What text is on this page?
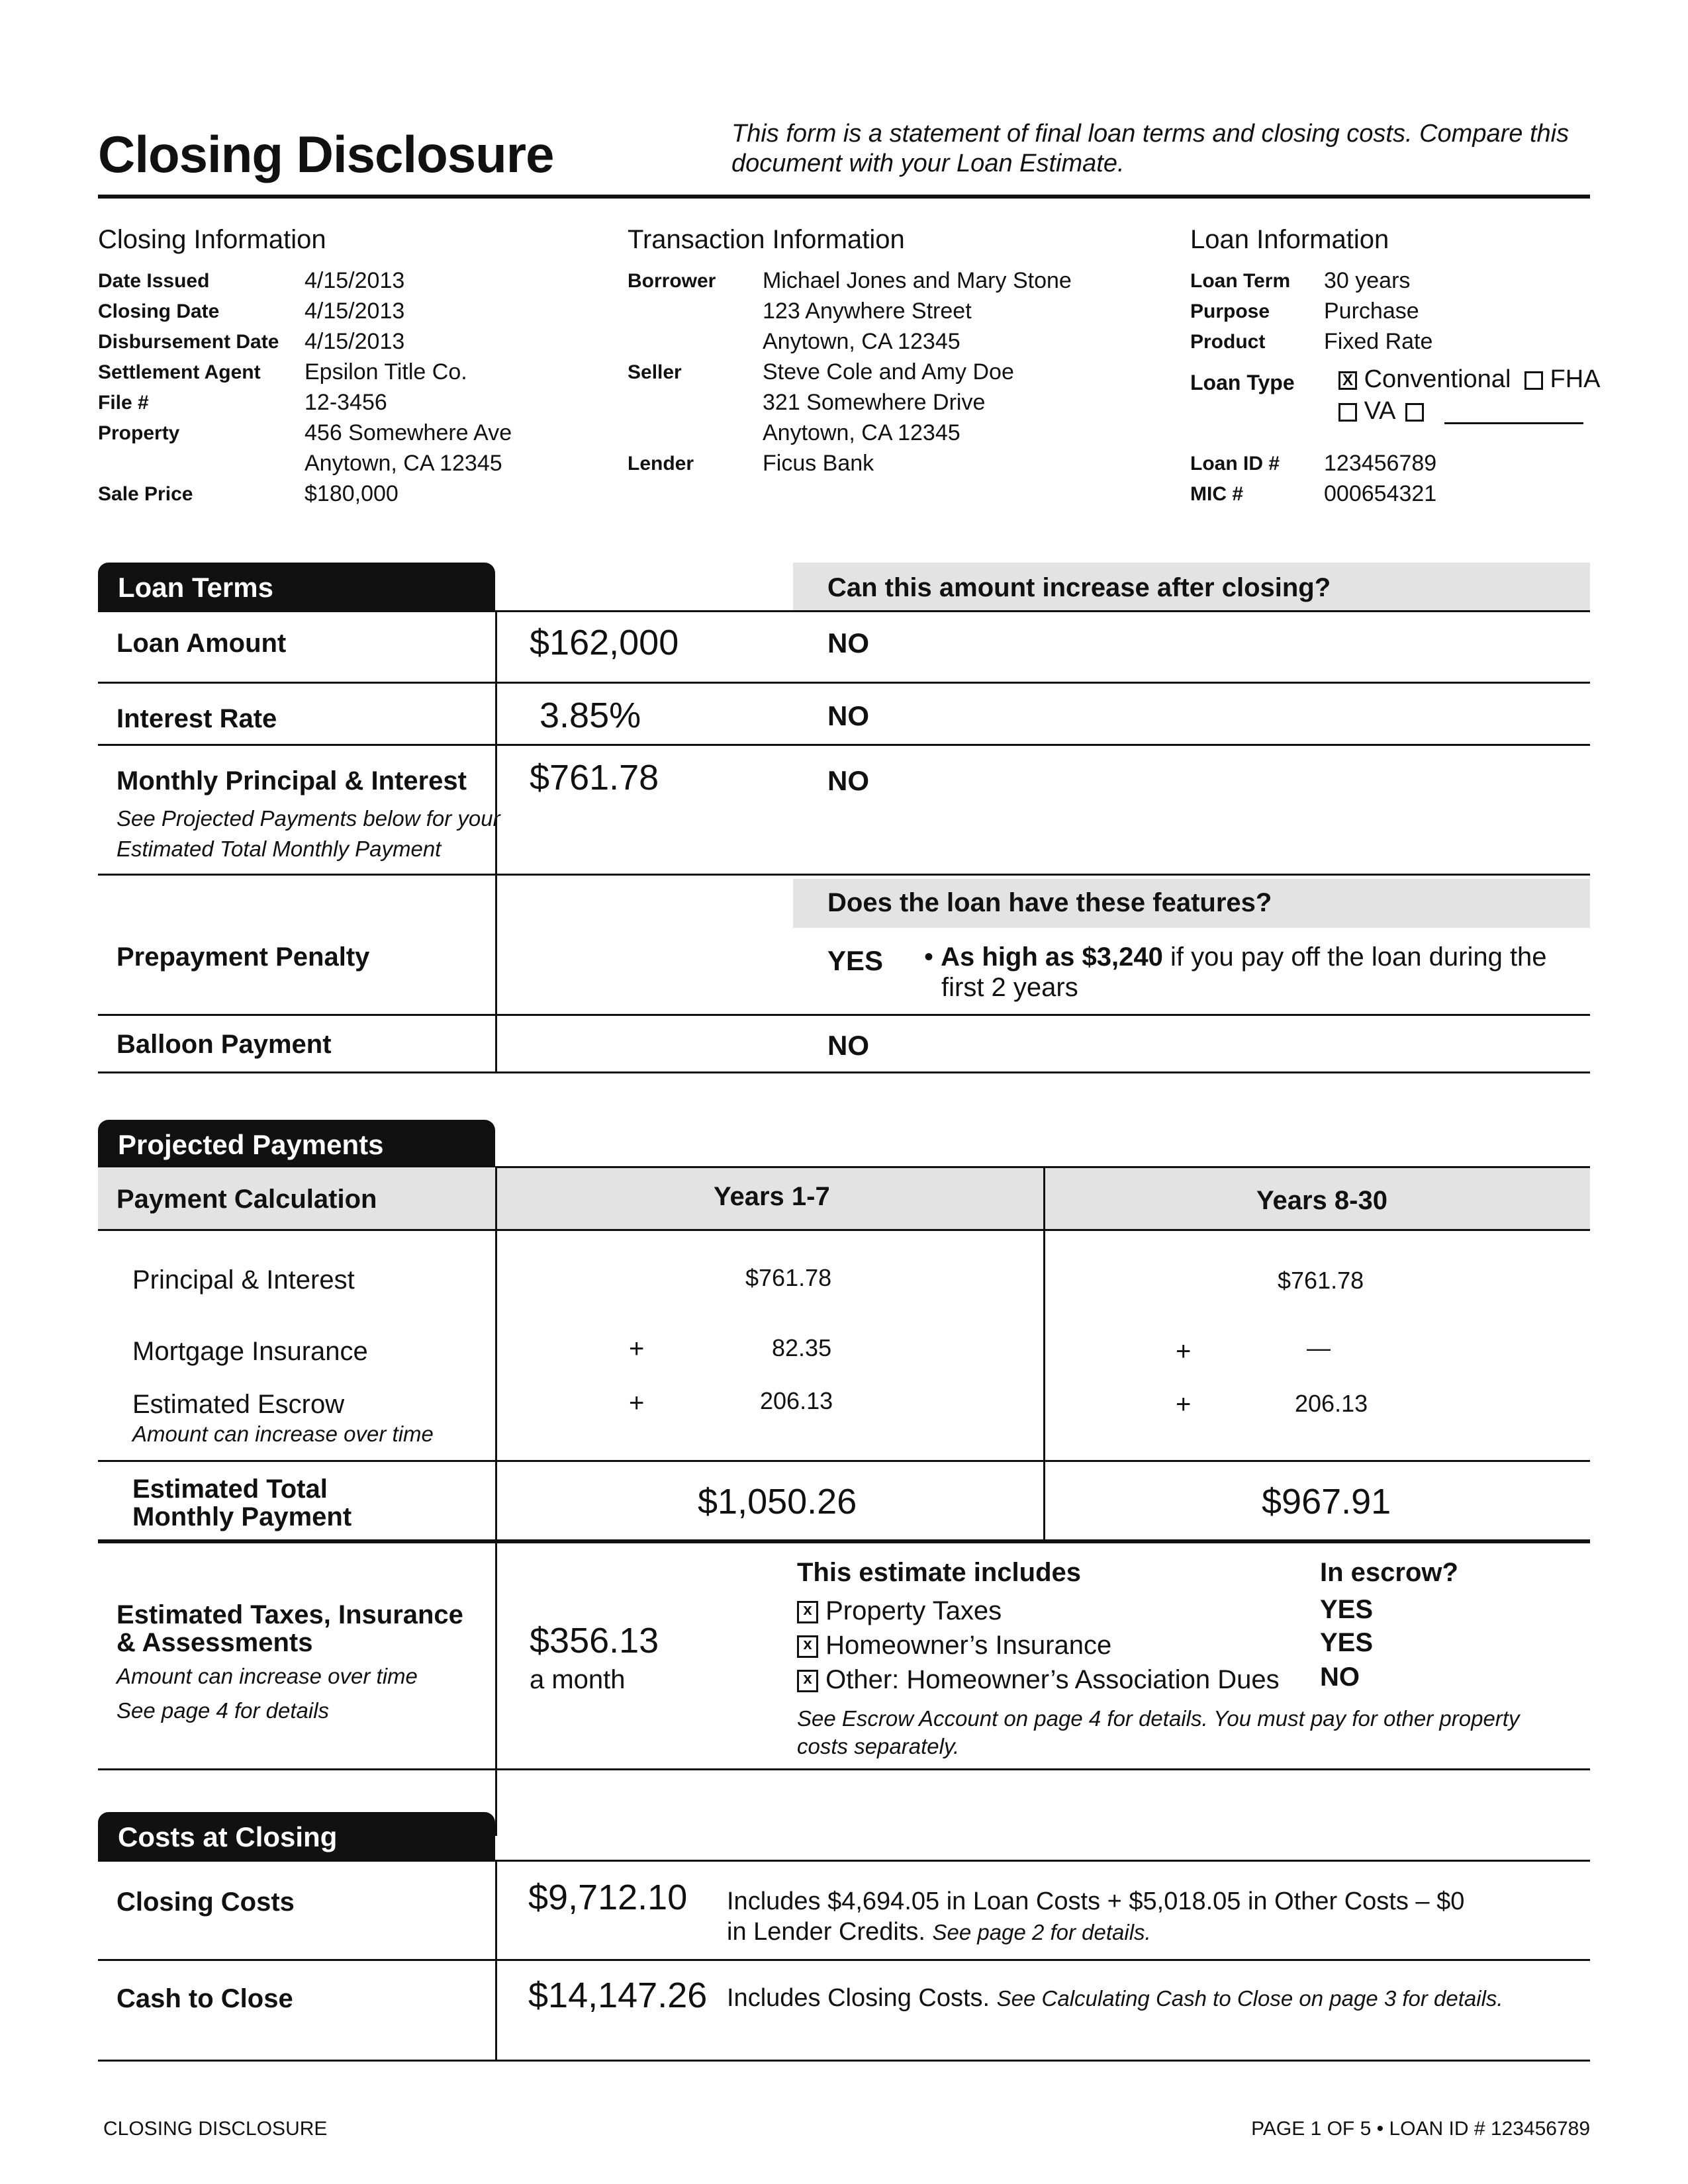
Closing Disclosure	This form is a statement of final loan terms and closing costs. Compare this document with your Loan Estimate.
Closing Information
Date Issued	4/15/2013
Closing Date	4/15/2013
Disbursement Date 4/15/2013
Settlement Agent Epsilon Title Co.
File #	12-3456
Property	456 Somewhere Ave
Anytown, CA 12345
Sale Price	$180,000
Transaction Information
Borrower Michael Jones and Mary Stone
123 Anywhere Street
Anytown, CA 12345
Seller	Steve Cole and Amy Doe
321 Somewhere Drive
Anytown, CA 12345
Lender	Ficus Bank
Loan Information
Loan Term 30 years
Purpose Purchase
Product	Fixed Rate
Loan Type	X Conventional FHA
VA
Loan ID # 123456789
MIC #	000654321
Loan Terms	Can this amount increase after closing?
Loan Amount	$162,000	NO
Interest Rate	3.85%	NO
Monthly Principal & Interest
See Projected Payments below for your
Estimated Total Monthly Payment
$761.78	NO
Does the loan have these features?
Prepayment Penalty	YES • As high as $3,240 if you pay off the loan during the
first 2 years
Balloon Payment	NO
Projected Payments
Payment Calculation	Years 1-7	Years 8-30
Principal & Interest	$761.78	$761.78
Mortgage Insurance	+	82.35	+	—
Estimated Escrow
Amount can increase over time
+	206.13	+	206.13
Estimated Total
Monthly Payment	$1,050.26	$967.91
Estimated Taxes, Insurance
& Assessments
Amount can increase over time
See page 4 for details
$356.13
a month
This estimate includes	In escrow?
x Property Taxes	YES
x Homeowner’s Insurance	YES
x Other: Homeowner’s Association Dues NO
See Escrow Account on page 4 for details. You must pay for other property
costs separately.
Costs at Closing
Closing Costs	$9,712.10 Includes $4,694.05 in Loan Costs + $5,018.05 in Other Costs – $0
in Lender Credits. See page 2 for details.
Cash to Close	$14,147.26 Includes Closing Costs. See Calculating Cash to Close on page 3 for details.
CLOSING DISCLOSURE	PAGE 1 OF 5 • LOAN ID # 123456789
